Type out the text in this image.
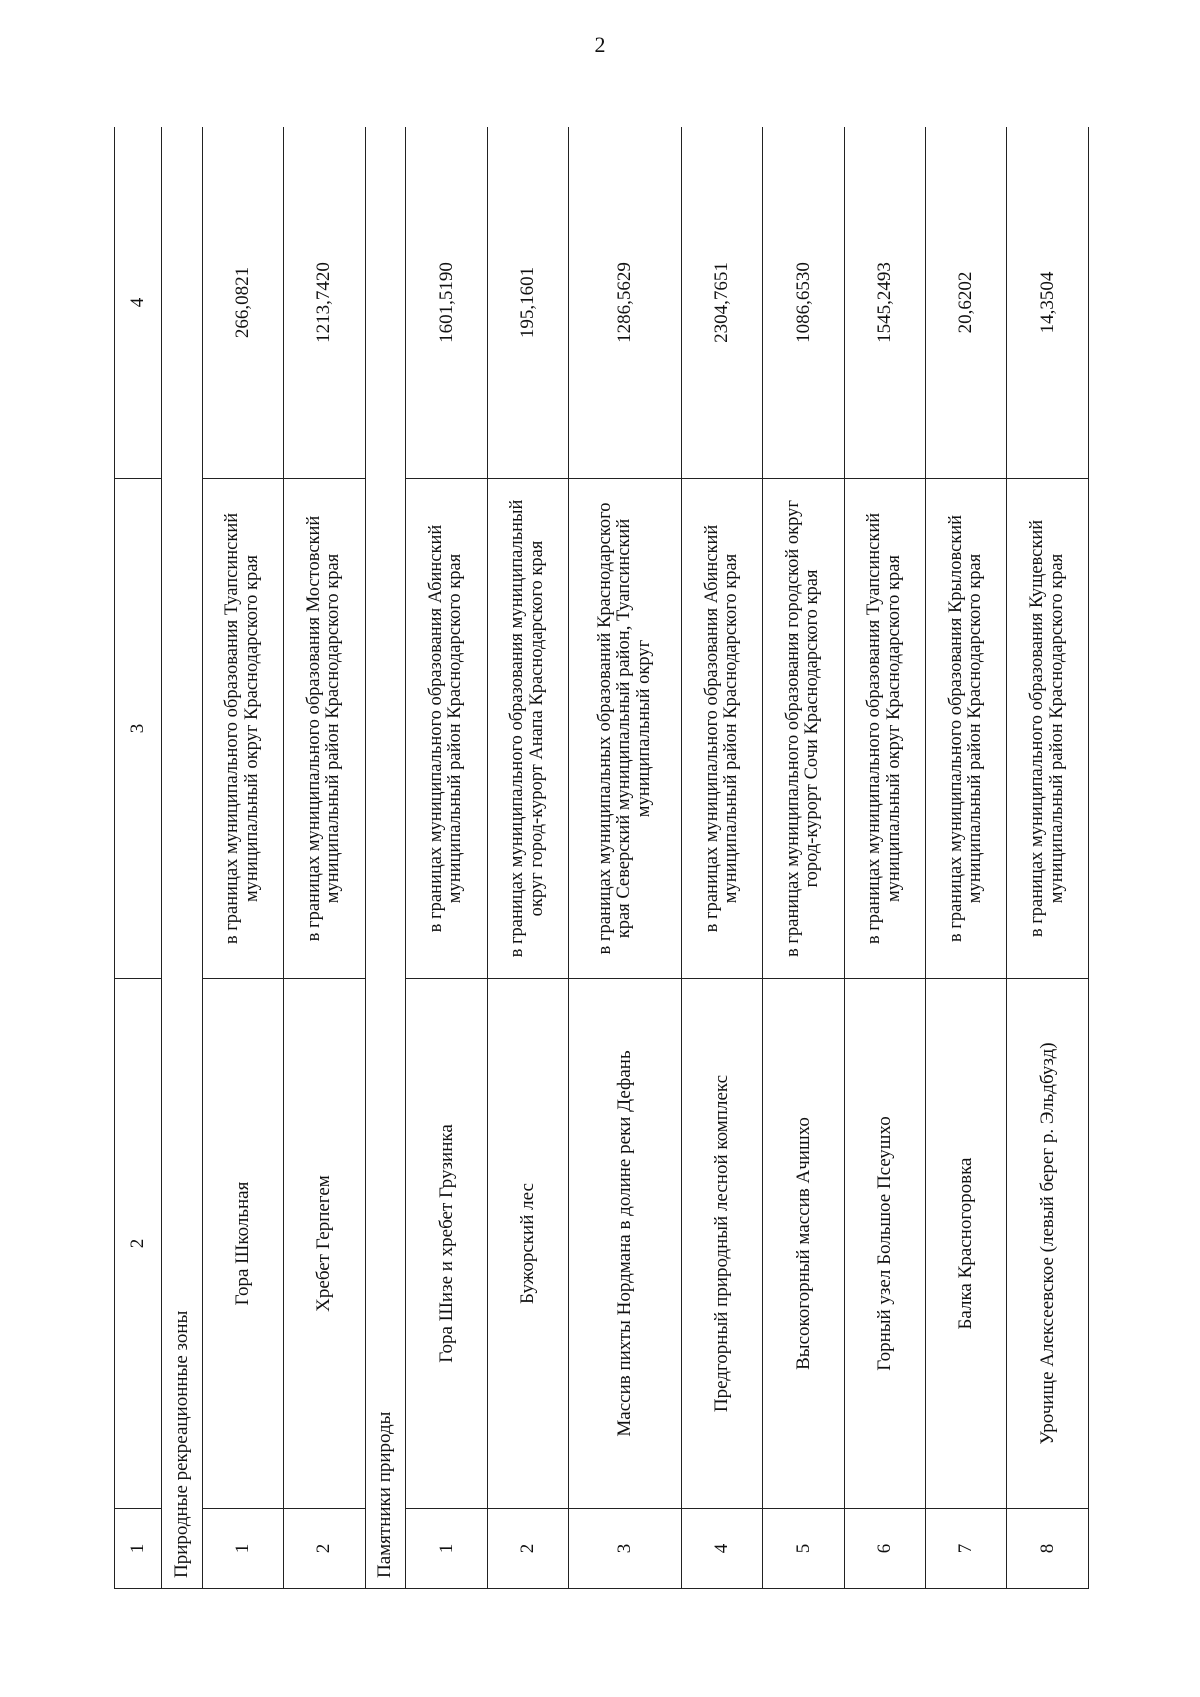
2
1	2	3	4
Природные рекреационные зоны			
1	Гора Школьная	в границах муниципального образования Туапсинский муниципальный округ Краснодарского края	266,0821
2	Хребет Герпегем	в границах муниципального образования Мостовский муниципальный район Краснодарского края	1213,7420
Памятники природы			
1	Гора Шизе и хребет Грузинка	в границах муниципального образования Абинский муниципальный район Краснодарского края	1601,5190
2	Бужорский лес	в границах муниципального образования муниципальный округ город-курорт Анапа Краснодарского края	195,1601
3	Массив пихты Нордмана в долине реки Дефань	в границах муниципальных образований Краснодарского края Северский муниципальный район, Туапсинский муниципальный округ	1286,5629
4	Предгорный природный лесной комплекс	в границах муниципального образования Абинский муниципальный район Краснодарского края	2304,7651
5	Высокогорный массив Ачишхо	в границах муниципального образования городской округ город-курорт Сочи Краснодарского края	1086,6530
6	Горный узел Большое Псеушхо	в границах муниципального образования Туапсинский муниципальный округ Краснодарского края	1545,2493
7	Балка Красногоровка	в границах муниципального образования Крыловский муниципальный район Краснодарского края	20,6202
8	Урочище Алексеевское (левый берег р. Эльдбузд)	в границах муниципального образования Кущевский муниципальный район Краснодарского края	14,3504
